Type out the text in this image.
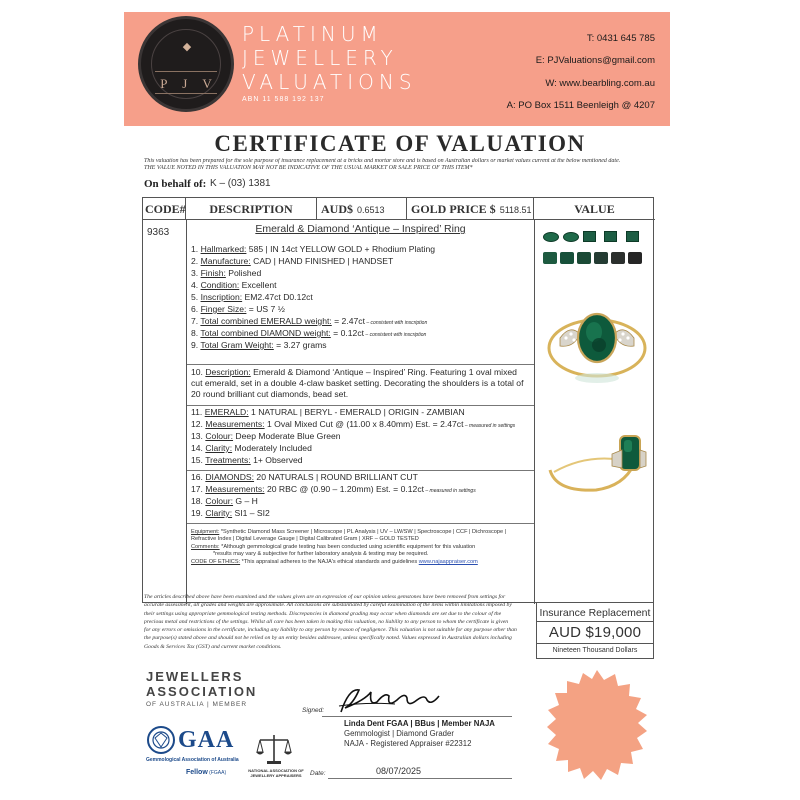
◆
P J V
PLATINUM
JEWELLERY
VALUATIONS
ABN 11 588 192 137
T: 0431 645 785
E: PJValuations@gmail.com
W: www.bearbling.com.au
A: PO Box 1511 Beenleigh @ 4207
CERTIFICATE OF VALUATION
This valuation has been prepared for the sole purpose of insurance replacement at a bricks and mortar store and is based on Australian dollars or market values current at the below mentioned date.
THE VALUE NOTED IN THIS VALUATION MAY NOT BE INDICATIVE OF THE USUAL MARKET OR SALE PRICE OF THIS ITEM*
On behalf of: K – (03) 1381
CODE#	DESCRIPTION	AUD$ 0.6513	GOLD PRICE $ 5118.51	VALUE
9363	Emerald & Diamond ‘Antique – Inspired’ Ring
1. Hallmarked: 585 | IN 14ct YELLOW GOLD + Rhodium Plating
2. Manufacture: CAD | HAND FINISHED | HANDSET
3. Finish: Polished
4. Condition: Excellent
5. Inscription: EM2.47ct D0.12ct
6. Finger Size: = US 7 ½
7. Total combined EMERALD weight: = 2.47ct – consistent with inscription
8. Total combined DIAMOND weight: = 0.12ct – consistent with inscription
9. Total Gram Weight: = 3.27 grams
10. Description: Emerald & Diamond ‘Antique – Inspired’ Ring. Featuring 1 oval mixed cut emerald, set in a double 4-claw basket setting. Decorating the shoulders is a total of 20 round brilliant cut diamonds, bead set.
11. EMERALD: 1 NATURAL | BERYL - EMERALD | ORIGIN - ZAMBIAN
12. Measurements: 1 Oval Mixed Cut @ (11.00 x 8.40mm) Est. = 2.47ct – measured in settings
13. Colour: Deep Moderate Blue Green
14. Clarity: Moderately Included
15. Treatments: 1+ Observed
16. DIAMONDS: 20 NATURALS | ROUND BRILLIANT CUT
17. Measurements: 20 RBC @ (0.90 – 1.20mm) Est. = 0.12ct – measured in settings
18. Colour: G – H
19. Clarity: SI1 – SI2
Equipment: *Synthetic Diamond Mass Screener | Microscope | PL Analysis | UV – LW/SW | Spectroscope | CCF | Dichroscope |
Refractive Index | Digital Leverage Gauge | Digital Calibrated Gram | XRF – GOLD TESTED
Comments: *Although gemmological grade testing has been conducted using scientific equipment for this valuation
*results may vary & subjective for further laboratory analysis & testing may be required.
CODE OF ETHICS: *This appraisal adheres to the NAJA's ethical standards and guidelines www.najaappraiser.com
The articles described above have been examined and the values given are an expression of our opinion unless gemstones have been removed from settings for
accurate assessment, all grades and weights are approximate. All conclusions are substantiated by careful examination of the items within limitations imposed by
their settings using appropriate gemmological testing methods. Discrepancies in diamond grading may occur when diamonds are set due to the colour of the
precious metal and restrictions of the settings. Whilst all care has been taken in making this valuation, no liability to any person to whom the certificate is given
for any errors or omissions in the certificate, including any liability to any person by reason of negligence. This valuation is not suitable for any purpose other than
the purpose(s) stated above and should not be relied on by an entity besides addressee, unless specifically noted. Values expressed in Australian dollars including
Goods & Services Tax (GST) and current market conditions.
Insurance Replacement
AUD $19,000
Nineteen Thousand Dollars
JEWELLERS
ASSOCIATION
OF AUSTRALIA | MEMBER
GAA
Gemmological Association of Australia
Fellow (FGAA)	NATIONAL ASSOCIATION OF
JEWELLERY APPRAISERS
Signed:
Linda Dent FGAA | BBus | Member NAJA
Gemmologist | Diamond Grader
NAJA - Registered Appraiser #22312
Date:	08/07/2025
